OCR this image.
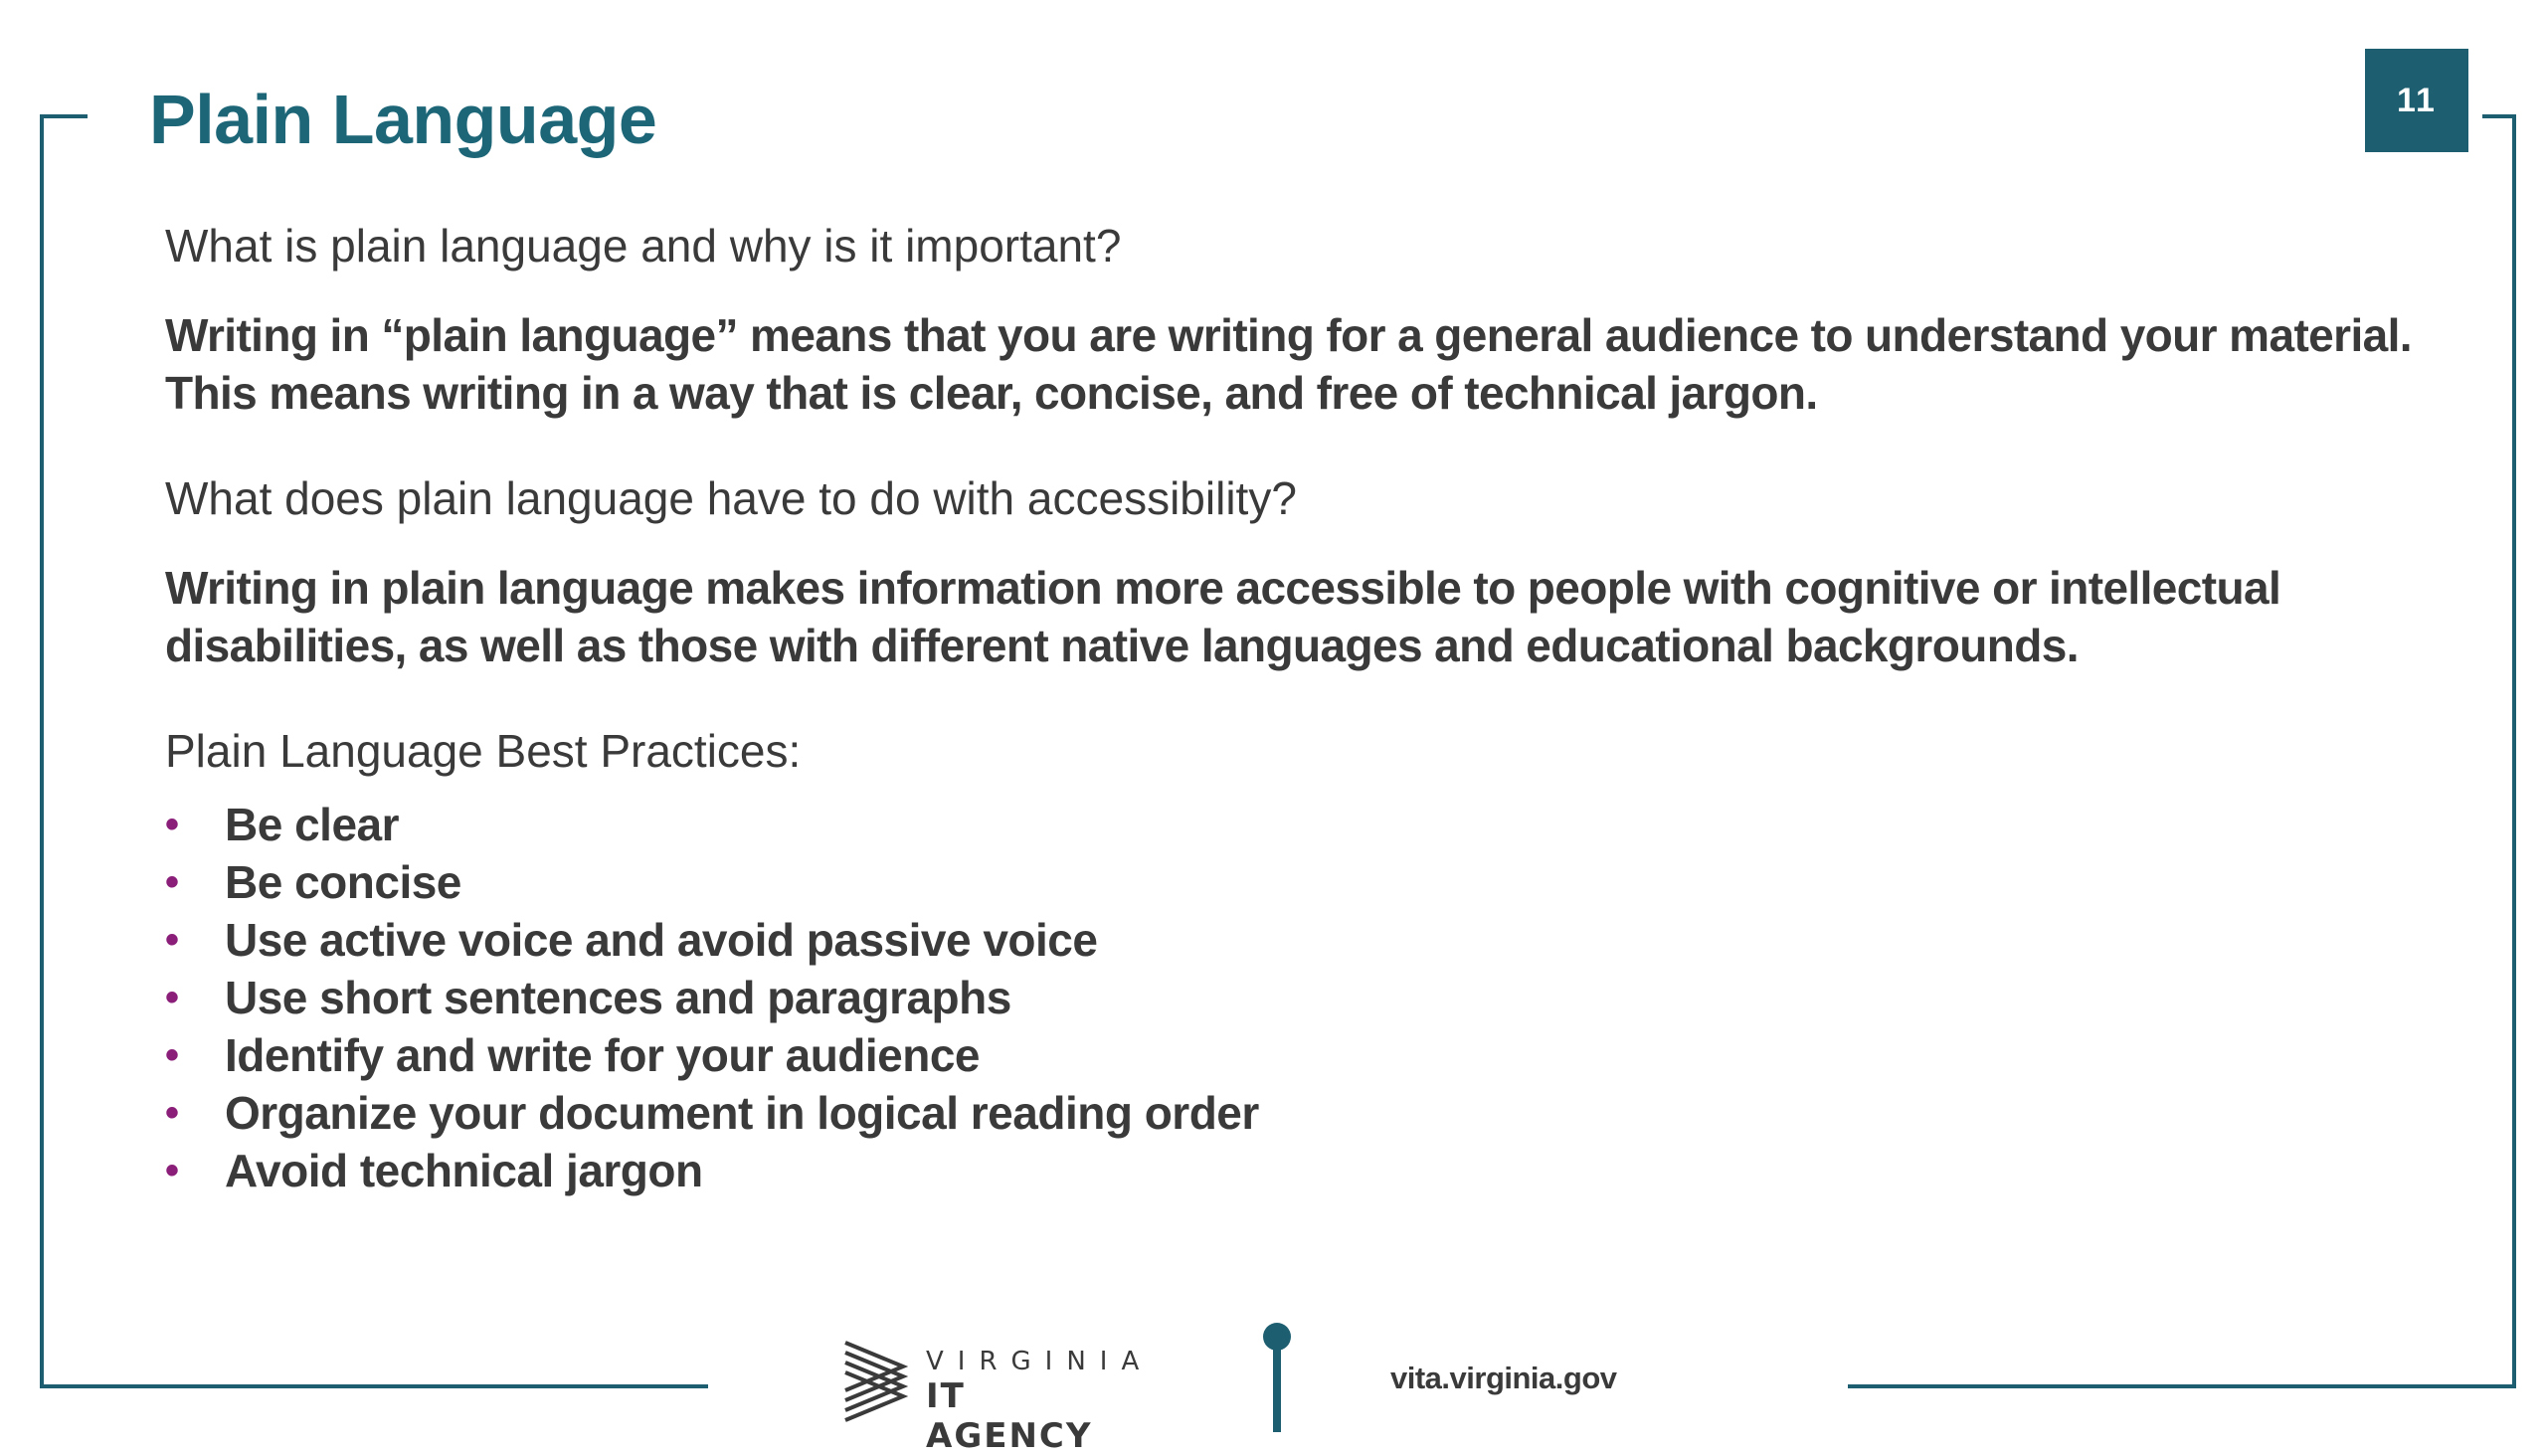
Plain Language	11

What is plain language and why is it important?

Writing in “plain language” means that you are writing for a general audience to understand your material. This means writing in a way that is clear, concise, and free of technical jargon.

What does plain language have to do with accessibility?

Writing in plain language makes information more accessible to people with cognitive or intellectual disabilities, as well as those with different native languages and educational backgrounds.

Plain Language Best Practices:

• Be clear
• Be concise
• Use active voice and avoid passive voice
• Use short sentences and paragraphs
• Identify and write for your audience
• Organize your document in logical reading order
• Avoid technical jargon
VIRGINIA
IT AGENCY
vita.virginia.gov
